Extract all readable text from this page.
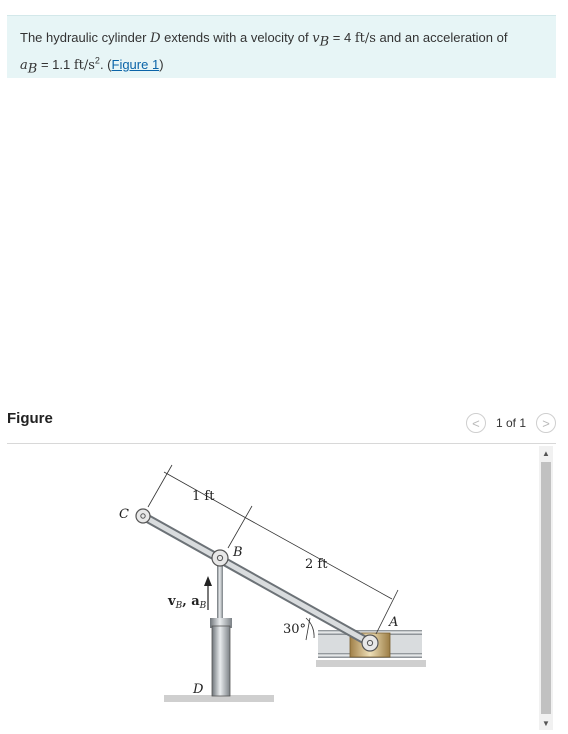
The hydraulic cylinder D extends with a velocity of $v_B = 4$ ft/s and an acceleration of
$a_B = 1.1$ $ft/s^2$. (Figure 1)
Figure	< 1 of 1 >
C
B
A
D
1 ft
2 ft
30°
$v_B$, $a_B$
▲
▼
